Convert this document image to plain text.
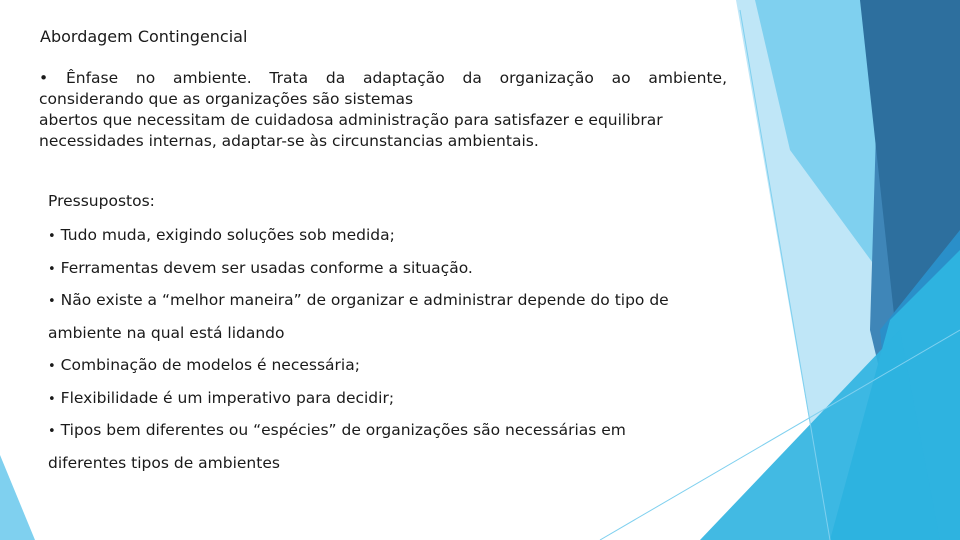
Abordagem Contingencial
• Ênfase no ambiente. Trata da adaptação da organização ao ambiente,
considerando que as organizações são sistemas
abertos que necessitam de cuidadosa administração para satisfazer e equilibrar
necessidades internas, adaptar-se às circunstancias ambientais.
Pressupostos:
• Tudo muda, exigindo soluções sob medida;
• Ferramentas devem ser usadas conforme a situação.
• Não existe a “melhor maneira” de organizar e administrar depende do tipo de
ambiente na qual está lidando
• Combinação de modelos é necessária;
• Flexibilidade é um imperativo para decidir;
• Tipos bem diferentes ou “espécies” de organizações são necessárias em
diferentes tipos de ambientes
